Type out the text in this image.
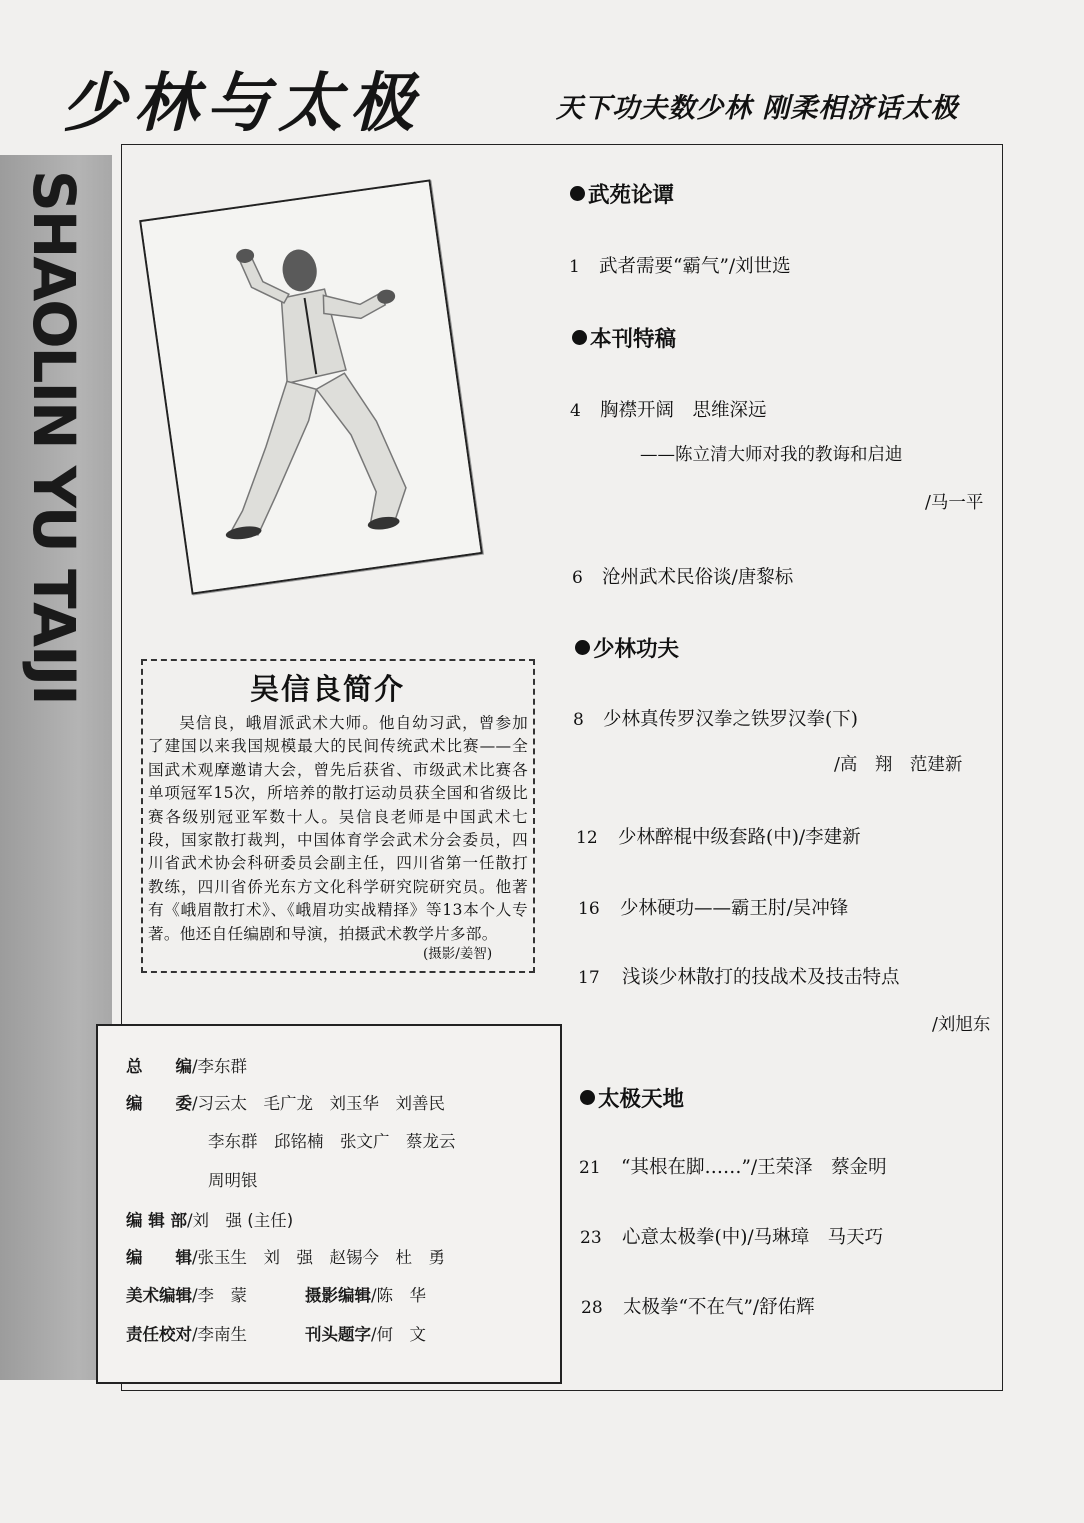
少林与太极	天下功夫数少林 刚柔相济话太极
SHAOLIN YU TAIJI	吴信良简介
吴信良，峨眉派武术大师。他自幼习武，曾参加了建国以来我国规模最大的民间传统武术比赛——全国武术观摩邀请大会，曾先后获省、市级武术比赛各单项冠军15次，所培养的散打运动员获全国和省级比赛各级别冠亚军数十人。吴信良老师是中国武术七段，国家散打裁判，中国体育学会武术分会委员，四川省武术协会科研委员会副主任，四川省第一任散打教练，四川省侨光东方文化科学研究院研究员。他著有《峨眉散打术》、《峨眉功实战精择》等13本个人专著。他还自任编剧和导演，拍摄武术教学片多部。
(摄影/姜智)
总　　编/李东群
编　　委/习云太　毛广龙　刘玉华　刘善民
李东群　邱铭楠　张文广　蔡龙云
周明银
编 辑 部/刘　强 (主任)
编　　辑/张玉生　刘　强　赵锡今　杜　勇
美术编辑/李　蒙	摄影编辑/陈　华
责任校对/李南生	刊头题字/何　文
武苑论谭
本刊特稿
少林功夫
太极天地
1 武者需要“霸气”/刘世选
4 胸襟开阔　思维深远
——陈立清大师对我的教诲和启迪
/马一平
6 沧州武术民俗谈/唐黎标
8 少林真传罗汉拳之铁罗汉拳(下)
/高　翔　范建新
12 少林醉棍中级套路(中)/李建新
16 少林硬功——霸王肘/吴冲锋
17 浅谈少林散打的技战术及技击特点
/刘旭东
21 “其根在脚……”/王荣泽　蔡金明
23 心意太极拳(中)/马琳璋　马天巧
28 太极拳“不在气”/舒佑辉
